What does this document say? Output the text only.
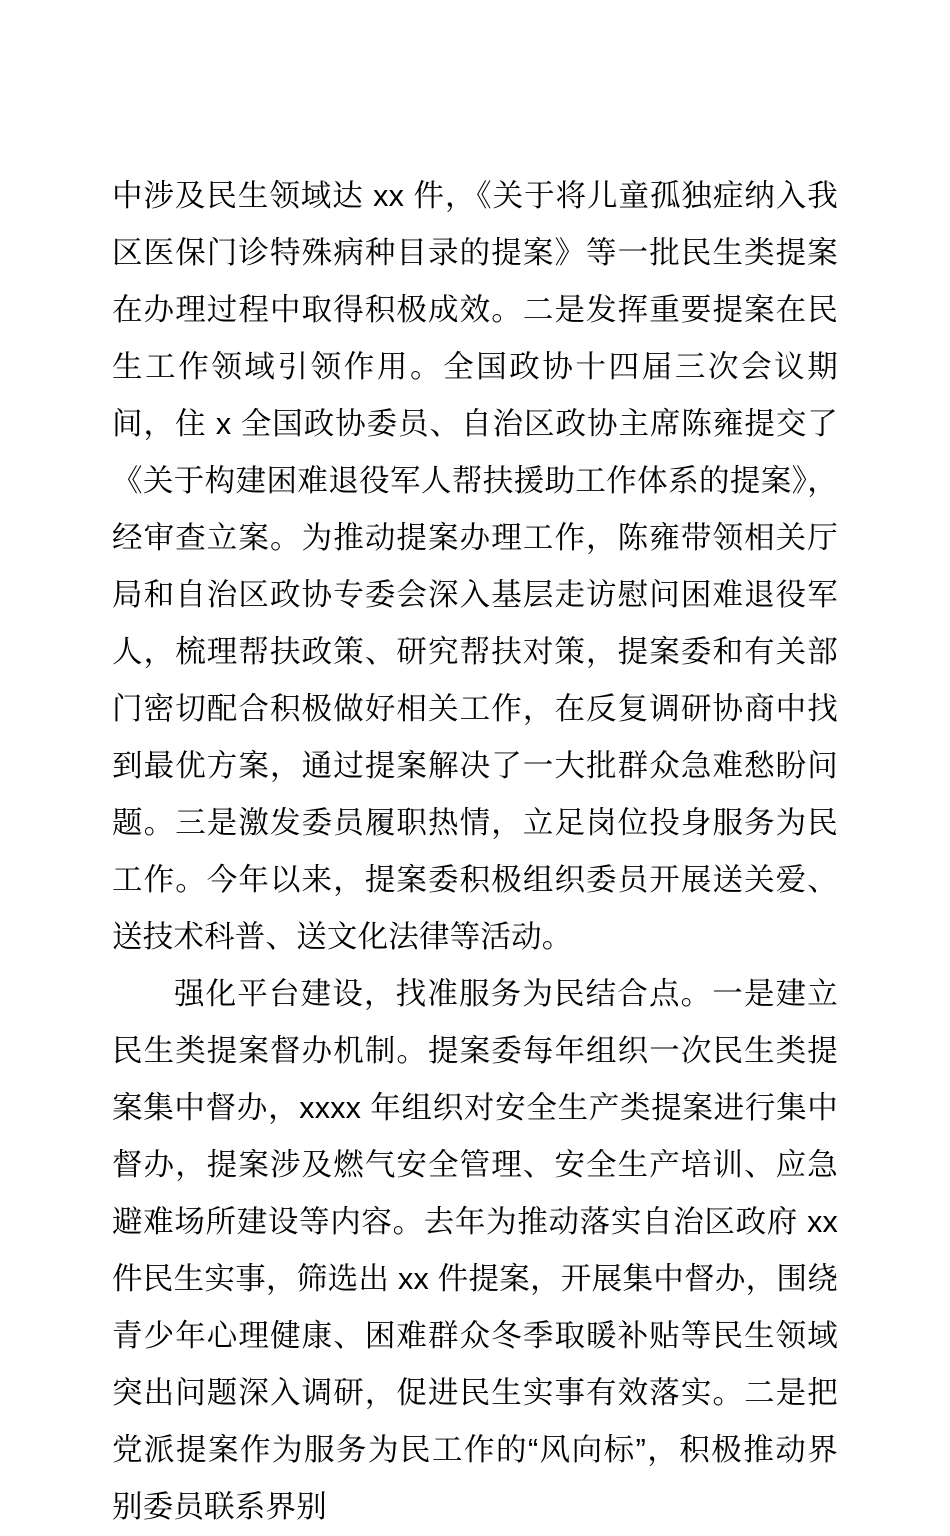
中涉及民生领域达 xx 件，《关于将儿童孤独症纳入我区医保门诊特殊病种目录的提案》等一批民生类提案在办理过程中取得积极成效。二是发挥重要提案在民生工作领域引领作用。全国政协十四届三次会议期间，住 x 全国政协委员、自治区政协主席陈雍提交了《关于构建困难退役军人帮扶援助工作体系的提案》，经审查立案。为推动提案办理工作，陈雍带领相关厅局和自治区政协专委会深入基层走访慰问困难退役军人，梳理帮扶政策、研究帮扶对策，提案委和有关部门密切配合积极做好相关工作，在反复调研协商中找到最优方案，通过提案解决了一大批群众急难愁盼问题。三是激发委员履职热情，立足岗位投身服务为民工作。今年以来，提案委积极组织委员开展送关爱、送技术科普、送文化法律等活动。

强化平台建设，找准服务为民结合点。一是建立民生类提案督办机制。提案委每年组织一次民生类提案集中督办，xxxx 年组织对安全生产类提案进行集中督办，提案涉及燃气安全管理、安全生产培训、应急避难场所建设等内容。去年为推动落实自治区政府 xx 件民生实事，筛选出 xx 件提案，开展集中督办，围绕青少年心理健康、困难群众冬季取暖补贴等民生领域突出问题深入调研，促进民生实事有效落实。二是把党派提案作为服务为民工作的“风向标”，积极推动界别委员联系界别
